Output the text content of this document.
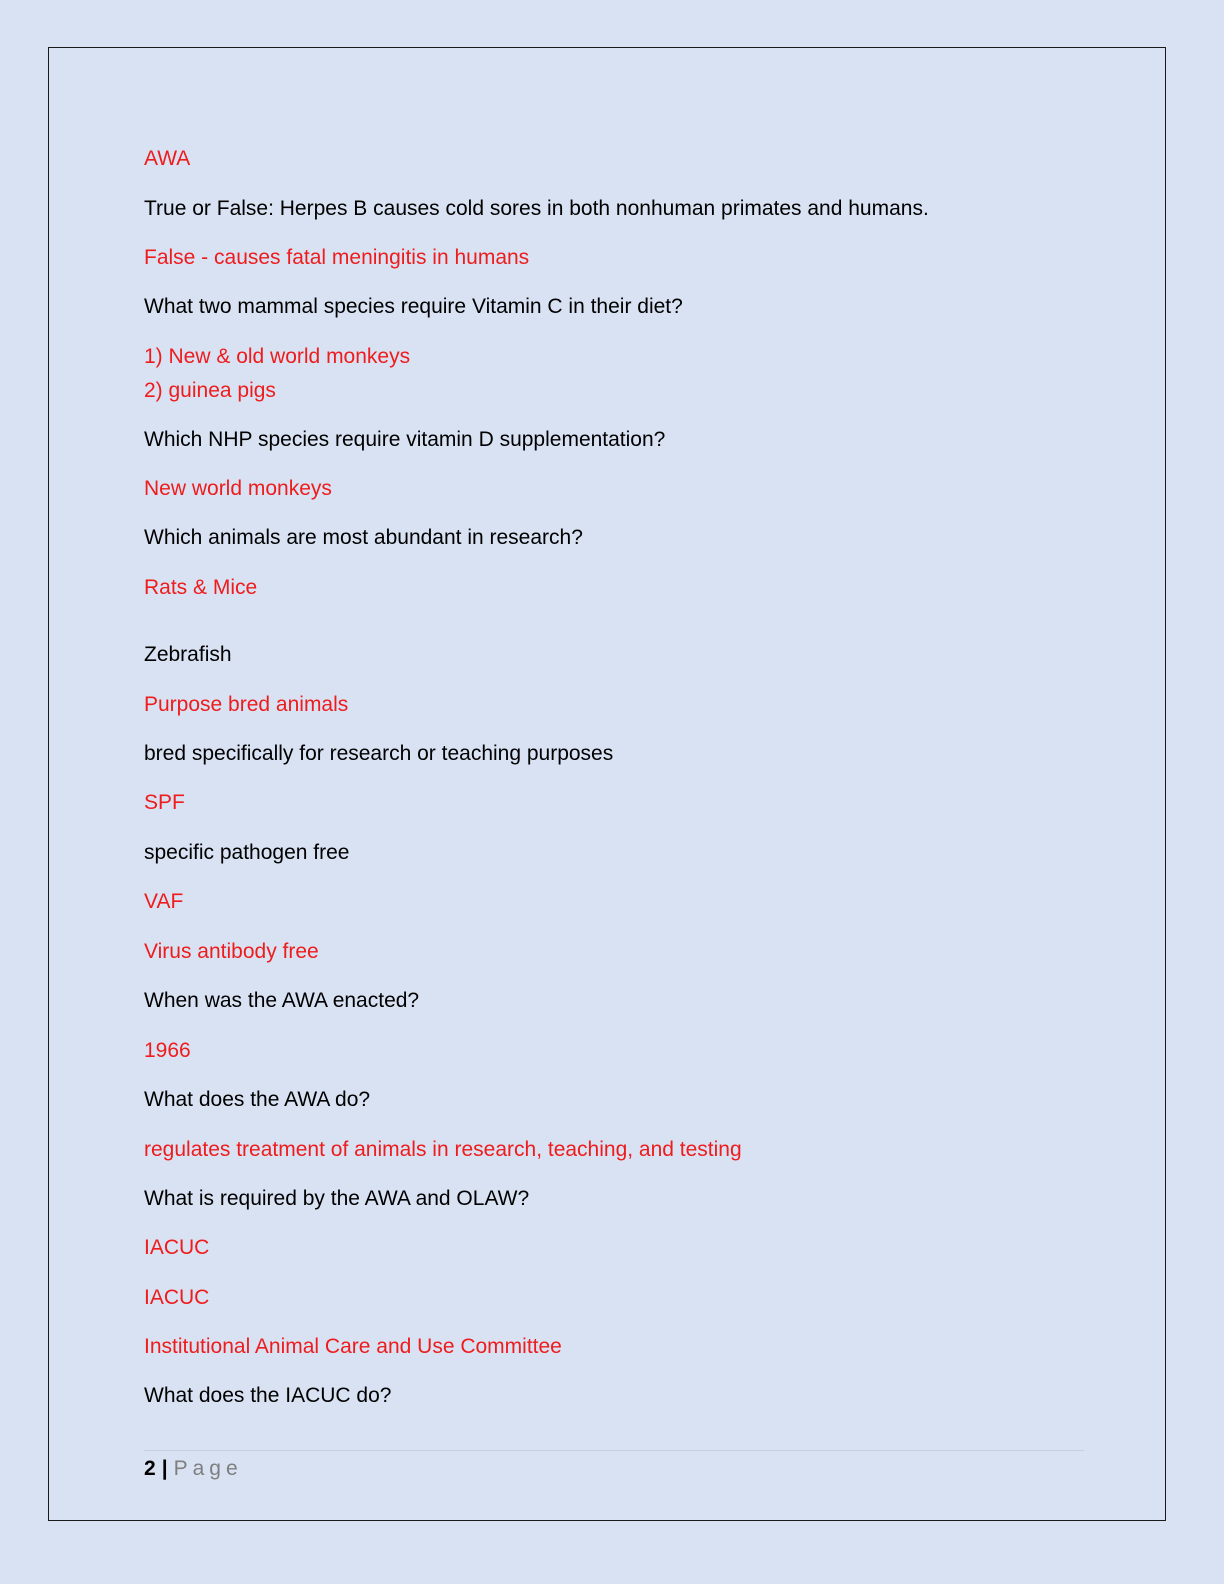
AWA
True or False: Herpes B causes cold sores in both nonhuman primates and humans.
False - causes fatal meningitis in humans
What two mammal species require Vitamin C in their diet?
1) New & old world monkeys
2) guinea pigs
Which NHP species require vitamin D supplementation?
New world monkeys
Which animals are most abundant in research?
Rats & Mice
Zebrafish
Purpose bred animals
bred specifically for research or teaching purposes
SPF
specific pathogen free
VAF
Virus antibody free
When was the AWA enacted?
1966
What does the AWA do?
regulates treatment of animals in research, teaching, and testing
What is required by the AWA and OLAW?
IACUC
IACUC
Institutional Animal Care and Use Committee
What does the IACUC do?
2 | Page
